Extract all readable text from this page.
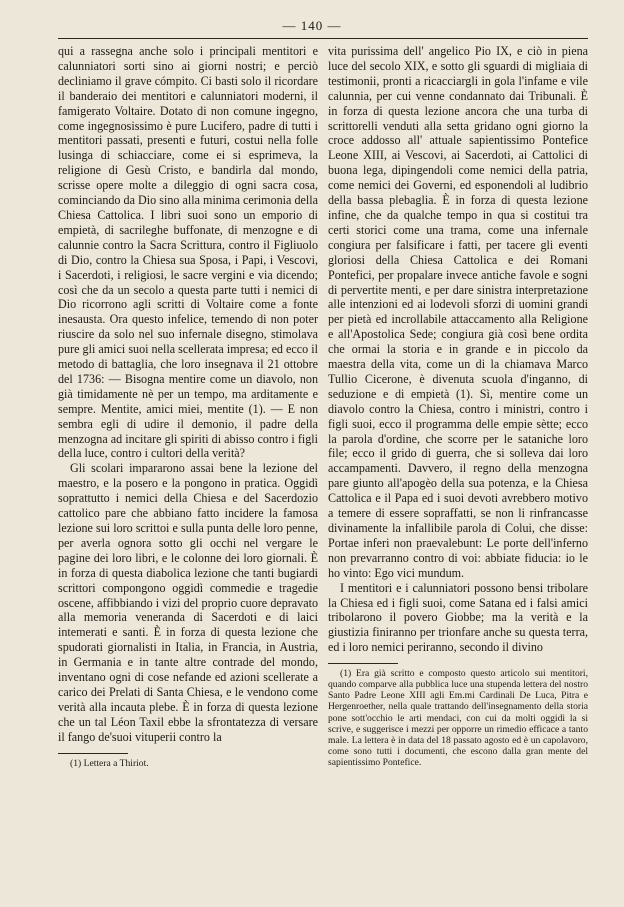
— 140 —

qui a rassegna anche solo i principali mentitori e calunniatori sorti sino ai giorni nostri; e perciò decliniamo il grave cómpito. Ci basti solo il ricordare il banderaio dei mentitori e calunniatori moderni, il famigerato Voltaire. Dotato di non comune ingegno, come ingegnosissimo è pure Lucifero, padre di tutti i mentitori passati, presenti e futuri, costui nella folle lusinga di schiacciare, come ei si esprimeva, la religione di Gesù Cristo, e bandirla dal mondo, scrisse opere molte a dileggio di ogni sacra cosa, cominciando da Dio sino alla minima cerimonia della Chiesa Cattolica. I libri suoi sono un emporio di empietà, di sacrileghe buffonate, di menzogne e di calunnie contro la Sacra Scrittura, contro il Figliuolo di Dio, contro la Chiesa sua Sposa, i Papi, i Vescovi, i Sacerdoti, i religiosi, le sacre vergini e via dicendo; così che da un secolo a questa parte tutti i nemici di Dio ricorrono agli scritti di Voltaire come a fonte inesausta. Ora questo infelice, temendo di non poter riuscire da solo nel suo infernale disegno, stimolava pure gli amici suoi nella scellerata impresa; ed ecco il metodo di battaglia, che loro insegnava il 21 ottobre del 1736: — Bisogna mentire come un diavolo, non già timidamente nè per un tempo, ma arditamente e sempre. Mentite, amici miei, mentite (1). — E non sembra egli di udire il demonio, il padre della menzogna ad incitare gli spiriti di abisso contro i figli della luce, contro i cultori della verità?

Gli scolari impararono assai bene la lezione del maestro, e la posero e la pongono in pratica. Oggidì soprattutto i nemici della Chiesa e del Sacerdozio cattolico pare che abbiano fatto incidere la famosa lezione sui loro scrittoi e sulla punta delle loro penne, per averla ognora sotto gli occhi nel vergare le pagine dei loro libri, e le colonne dei loro giornali. È in forza di questa diabolica lezione che tanti bugiardi scrittori compongono oggidì commedie e tragedie oscene, affibbiando i vizi del proprio cuore depravato alla memoria veneranda di Sacerdoti e di laici intemerati e santi. È in forza di questa lezione che spudorati giornalisti in Italia, in Francia, in Austria, in Germania e in tante altre contrade del mondo, inventano ogni di cose nefande ed azioni scellerate a carico dei Prelati di Santa Chiesa, e le vendono come verità alla incauta plebe. È in forza di questa lezione che un tal Léon Taxil ebbe la sfrontatezza di versare il fango de'suoi vituperii contro la

(1) Lettera a Thiriot.

vita purissima dell' angelico Pio IX, e ciò in piena luce del secolo XIX, e sotto gli sguardi di migliaia di testimonii, pronti a ricacciargli in gola l'infame e vile calunnia, per cui venne condannato dai Tribunali. È in forza di questa lezione ancora che una turba di scrittorelli venduti alla setta gridano ogni giorno la croce addosso all' attuale sapientissimo Pontefice Leone XIII, ai Vescovi, ai Sacerdoti, ai Cattolici di buona lega, dipingendoli come nemici della patria, come nemici dei Governi, ed esponendoli al ludibrio della bassa plebaglia. È in forza di questa lezione infine, che da qualche tempo in qua si costitui tra certi storici come una trama, come una infernale congiura per falsificare i fatti, per tacere gli eventi gloriosi della Chiesa Cattolica e dei Romani Pontefici, per propalare invece antiche favole e sogni di pervertite menti, e per dare sinistra interpretazione alle intenzioni ed ai lodevoli sforzi di uomini grandi per pietà ed incrollabile attaccamento alla Religione e all'Apostolica Sede; congiura già così bene ordita che ormai la storia e in grande e in piccolo da maestra della vita, come un di la chiamava Marco Tullio Cicerone, è divenuta scuola d'inganno, di seduzione e di empietà (1). Sì, mentire come un diavolo contro la Chiesa, contro i ministri, contro i figli suoi, ecco il programma delle empie sètte; ecco la parola d'ordine, che scorre per le sataniche loro file; ecco il grido di guerra, che si solleva dai loro accampamenti. Davvero, il regno della menzogna pare giunto all'apogèo della sua potenza, e la Chiesa Cattolica e il Papa ed i suoi devoti avrebbero motivo a temere di essere sopraffatti, se non li rinfrancasse divinamente la infallibile parola di Colui, che disse: Portae inferi non praevalebunt: Le porte dell'inferno non prevarranno contro di voi: abbiate fiducia: io le ho vinto: Ego vici mundum.

I mentitori e i calunniatori possono bensi tribolare la Chiesa ed i figli suoi, come Satana ed i falsi amici tribolarono il povero Giobbe; ma la verità e la giustizia finiranno per trionfare anche su questa terra, ed i loro nemici periranno, secondo il divino

(1) Era già scritto e composto questo articolo sui mentitori, quando comparve alla pubblica luce una stupenda lettera del nostro Santo Padre Leone XIII agli Em.mi Cardinali De Luca, Pitra e Hergenroether, nella quale trattando dell'insegnamento della storia pone sott'occhio le arti mendaci, con cui da molti oggidì la si scrive, e suggerisce i mezzi per opporre un rimedio efficace a tanto male. La lettera è in data del 18 passato agosto ed è un capolavoro, come sono tutti i documenti, che escono dalla gran mente del sapientissimo Pontefice.
